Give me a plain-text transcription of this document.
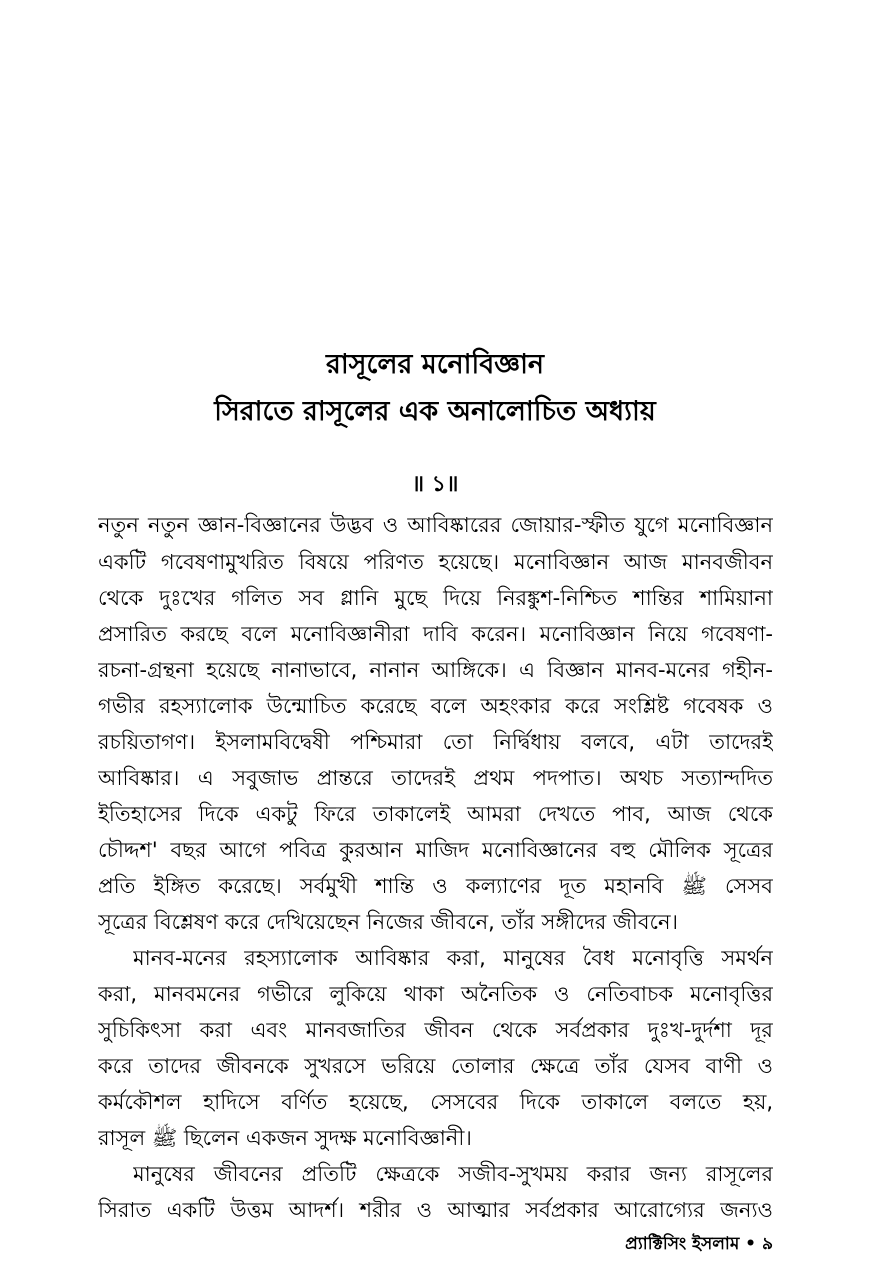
রাসূলের মনোবিজ্ঞান
সিরাতে রাসূলের এক অনালোচিত অধ্যায়
॥ ১॥
নতুন নতুন জ্ঞান-বিজ্ঞানের উদ্ভব ও আবিষ্কারের জোয়ার-স্ফীত যুগে মনোবিজ্ঞান
একটি গবেষণামুখরিত বিষয়ে পরিণত হয়েছে। মনোবিজ্ঞান আজ মানবজীবন
থেকে দুঃখের গলিত সব গ্লানি মুছে দিয়ে নিরঙ্কুশ-নিশ্চিত শান্তির শামিয়ানা
প্রসারিত করছে বলে মনোবিজ্ঞানীরা দাবি করেন। মনোবিজ্ঞান নিয়ে গবেষণা-
রচনা-গ্রন্থনা হয়েছে নানাভাবে, নানান আঙ্গিকে। এ বিজ্ঞান মানব-মনের গহীন-
গভীর রহস্যালোক উন্মোচিত করেছে বলে অহংকার করে সংশ্লিষ্ট গবেষক ও
রচয়িতাগণ। ইসলামবিদ্বেষী পশ্চিমারা তো নির্দ্বিধায় বলবে, এটা তাদেরই
আবিষ্কার। এ সবুজাভ প্রান্তরে তাদেরই প্রথম পদপাত। অথচ সত্যান্দদিত
ইতিহাসের দিকে একটু ফিরে তাকালেই আমরা দেখতে পাব, আজ থেকে
চৌদ্দশ' বছর আগে পবিত্র কুরআন মাজিদ মনোবিজ্ঞানের বহু মৌলিক সূত্রের
প্রতি ইঙ্গিত করেছে। সর্বমুখী শান্তি ও কল্যাণের দূত মহানবি ﷺ সেসব
সূত্রের বিশ্লেষণ করে দেখিয়েছেন নিজের জীবনে, তাঁর সঙ্গীদের জীবনে।
মানব-মনের রহস্যালোক আবিষ্কার করা, মানুষের বৈধ মনোবৃত্তি সমর্থন
করা, মানবমনের গভীরে লুকিয়ে থাকা অনৈতিক ও নেতিবাচক মনোবৃত্তির
সুচিকিৎসা করা এবং মানবজাতির জীবন থেকে সর্বপ্রকার দুঃখ-দুর্দশা দূর
করে তাদের জীবনকে সুখরসে ভরিয়ে তোলার ক্ষেত্রে তাঁর যেসব বাণী ও
কর্মকৌশল হাদিসে বর্ণিত হয়েছে, সেসবের দিকে তাকালে বলতে হয়,
রাসূল ﷺ ছিলেন একজন সুদক্ষ মনোবিজ্ঞানী।
মানুষের জীবনের প্রতিটি ক্ষেত্রকে সজীব-সুখময় করার জন্য রাসূলের
সিরাত একটি উত্তম আদর্শ। শরীর ও আত্মার সর্বপ্রকার আরোগ্যের জন্যও
প্র্যাক্টিসিং ইসলাম • ৯
